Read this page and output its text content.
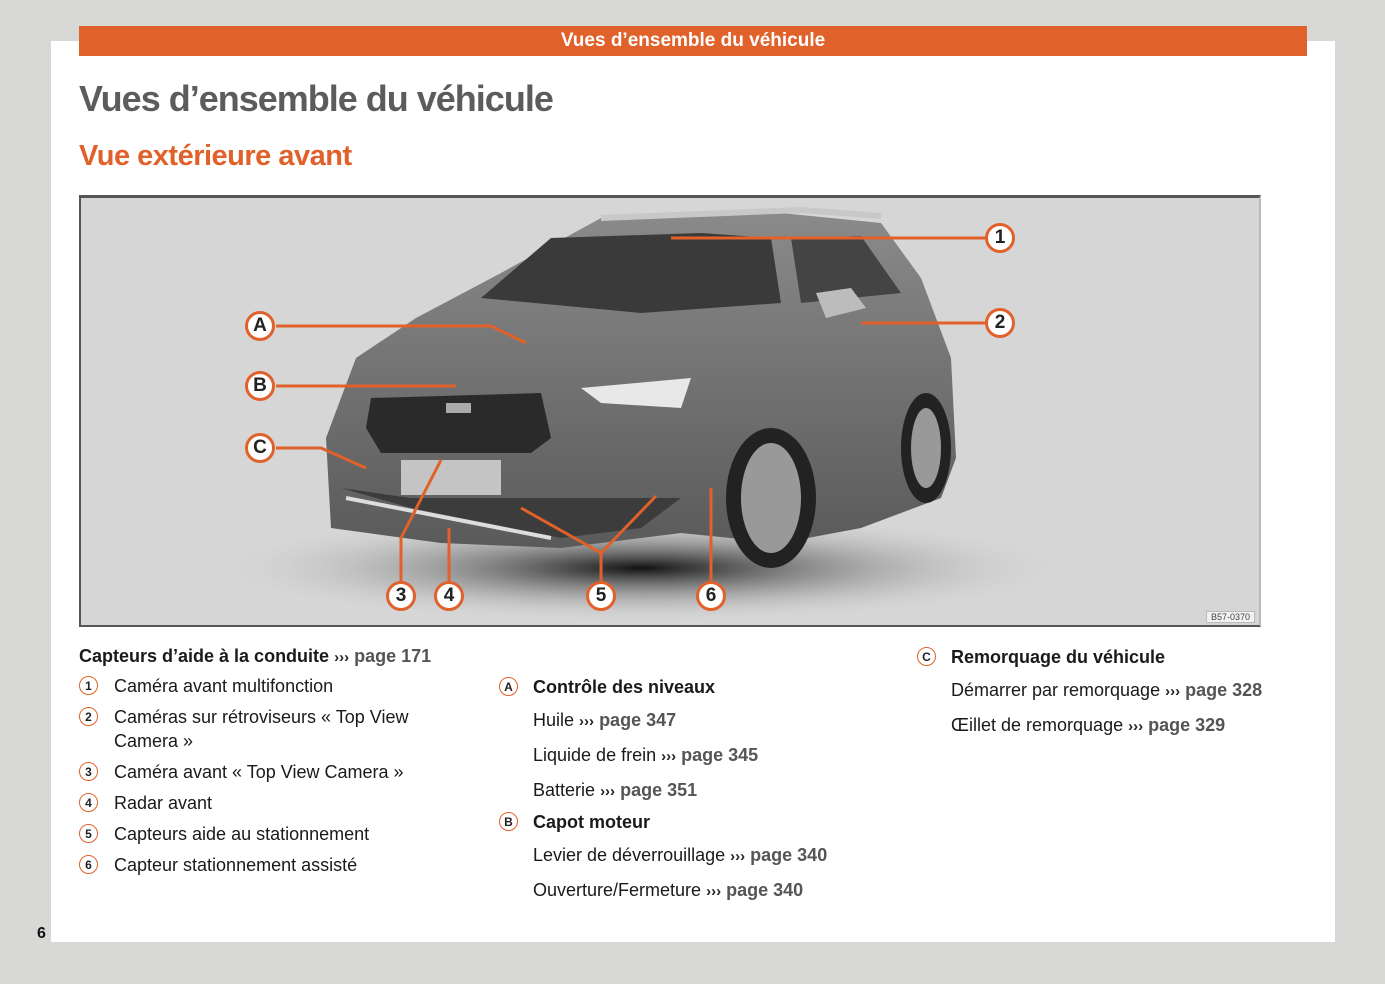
Vues d’ensemble du véhicule
Vues d’ensemble du véhicule
Vue extérieure avant
1
2
A
B
C
3	4	5	6
B57-0370

Capteurs d’aide à la conduite ››› page 171

1	Caméra avant multifonction
2	Caméras sur rétroviseurs « Top View Camera »
3	Caméra avant « Top View Camera »
4	Radar avant
5	Capteurs aide au stationnement
6	Capteur stationnement assisté
A Contrôle des niveaux
Huile ››› page 347
Liquide de frein ››› page 345
Batterie ››› page 351
B Capot moteur
Levier de déverrouillage ››› page 340
Ouverture/Fermeture ››› page 340
C Remorquage du véhicule
Démarrer par remorquage ››› page 328
Œillet de remorquage ››› page 329
6
